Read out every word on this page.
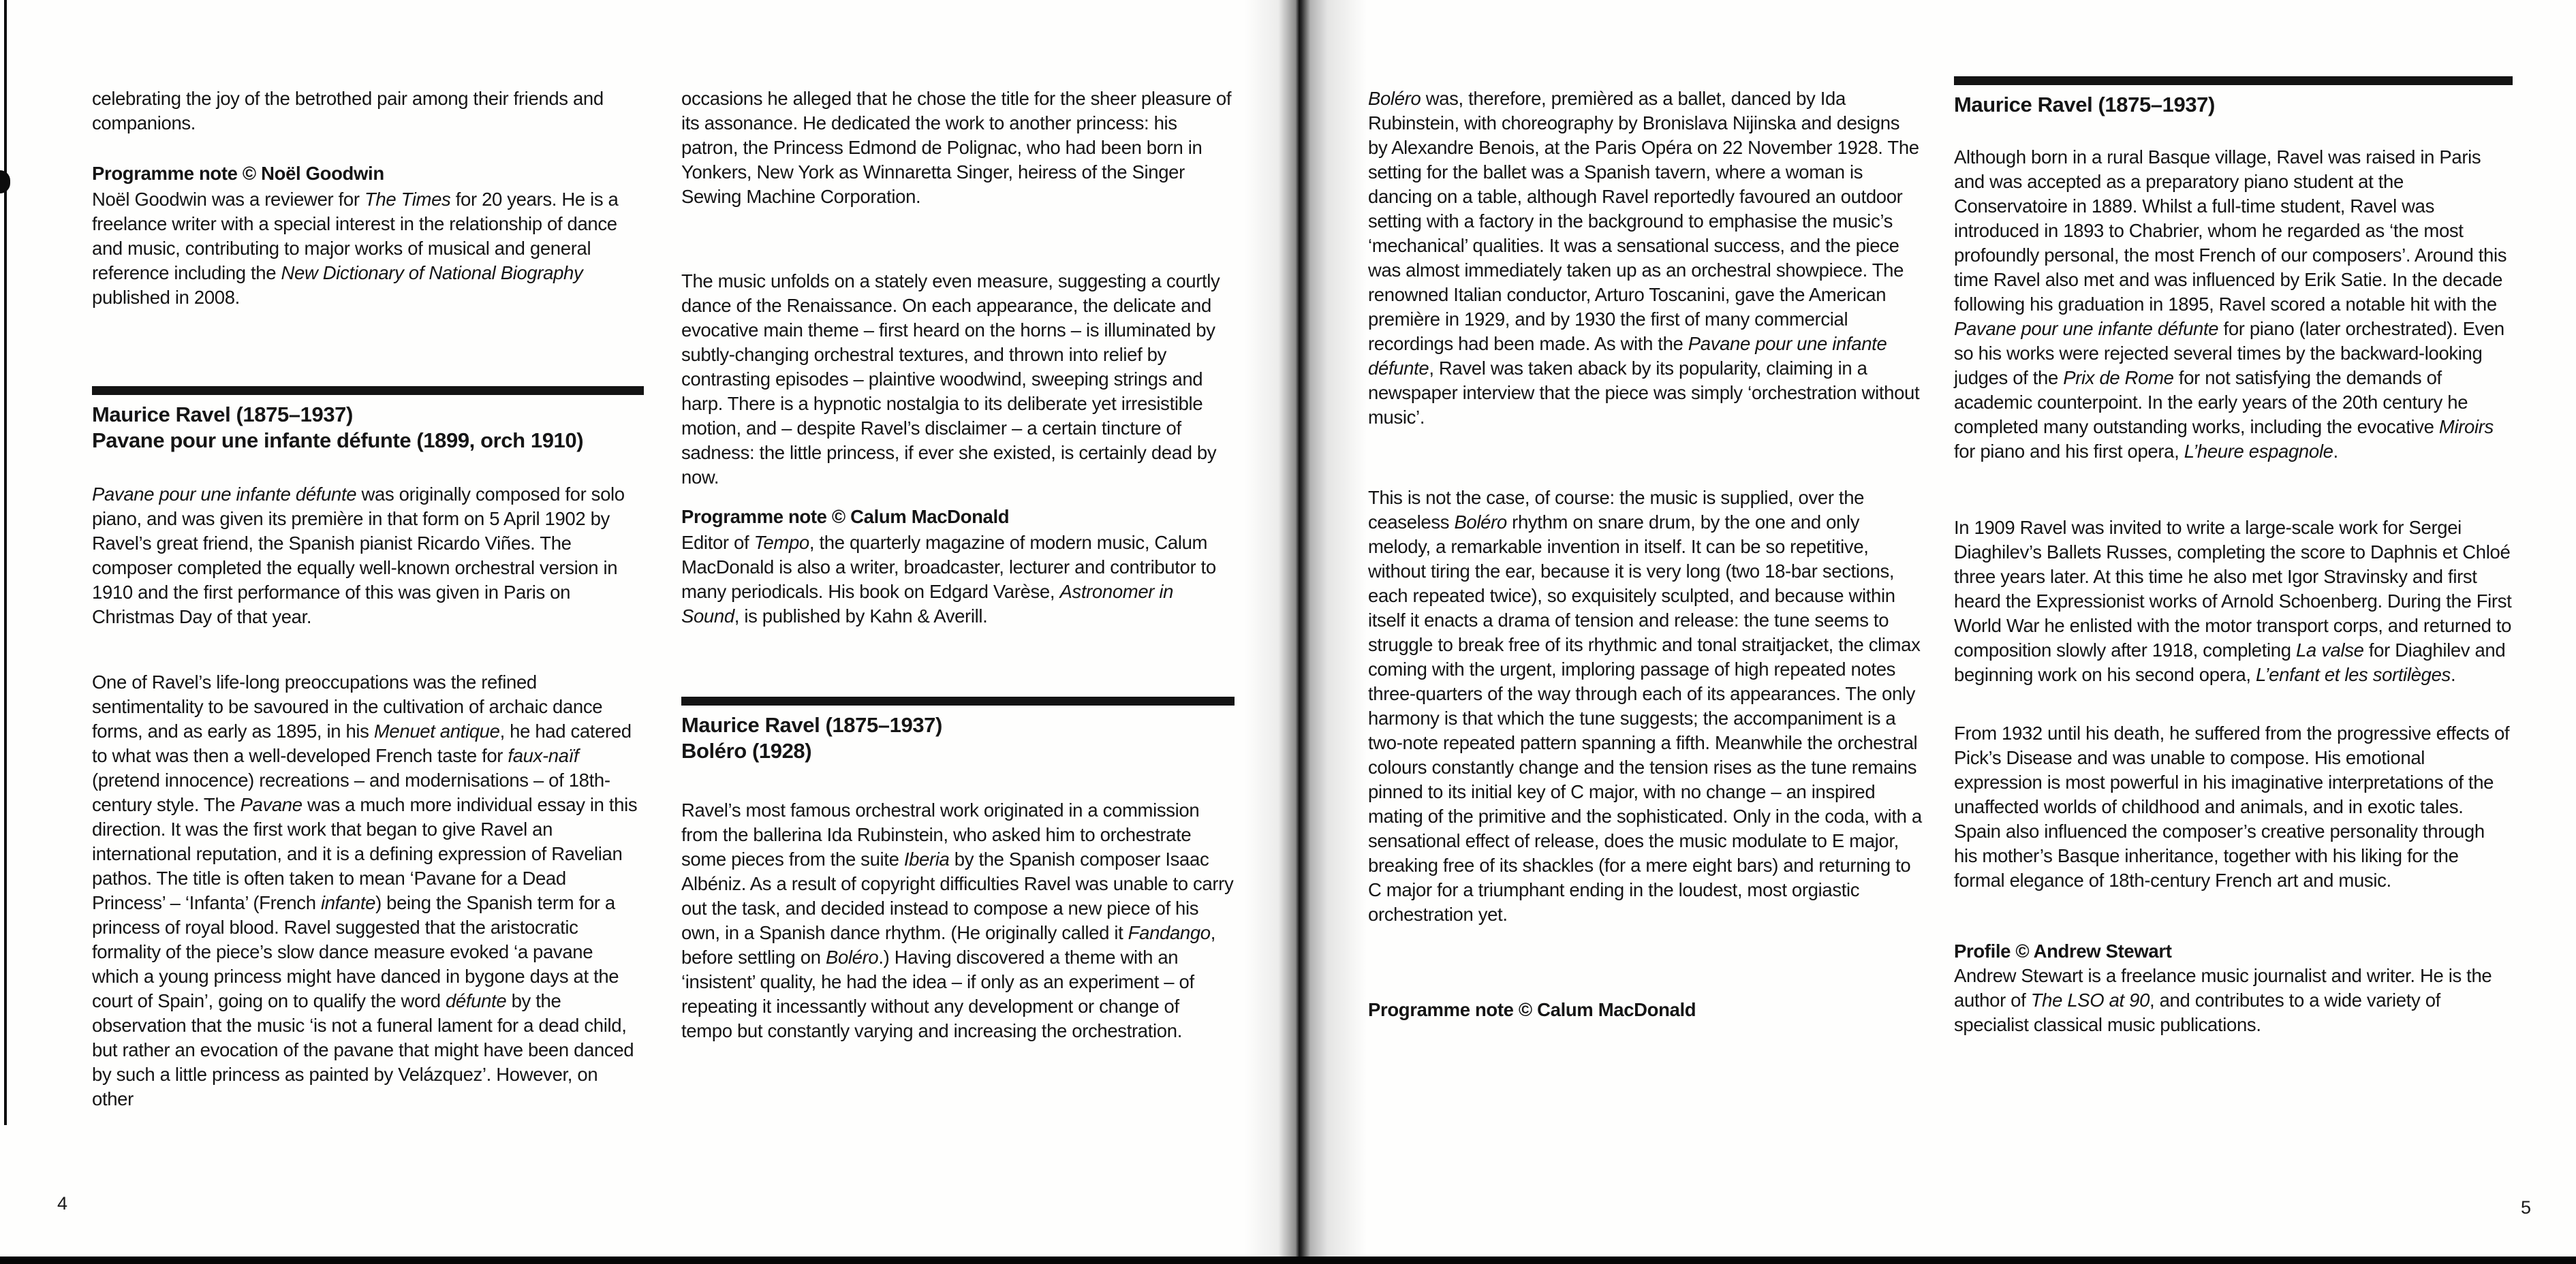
celebrating the joy of the betrothed pair among their friends and companions.

Programme note © Noël Goodwin

Noël Goodwin was a reviewer for The Times for 20 years. He is a freelance writer with a special interest in the relationship of dance and music, contributing to major works of musical and general reference including the New Dictionary of National Biography published in 2008.

Maurice Ravel (1875–1937)
Pavane pour une infante défunte (1899, orch 1910)

Pavane pour une infante défunte was originally composed for solo piano, and was given its première in that form on 5 April 1902 by Ravel’s great friend, the Spanish pianist Ricardo Viñes. The composer completed the equally well-known orchestral version in 1910 and the first performance of this was given in Paris on Christmas Day of that year.

One of Ravel’s life-long preoccupations was the refined sentimentality to be savoured in the cultivation of archaic dance forms, and as early as 1895, in his Menuet antique, he had catered to what was then a well-developed French taste for faux-naïf (pretend innocence) recreations – and modernisations – of 18th-century style. The Pavane was a much more individual essay in this direction. It was the first work that began to give Ravel an international reputation, and it is a defining expression of Ravelian pathos. The title is often taken to mean ‘Pavane for a Dead Princess’ – ‘Infanta’ (French infante) being the Spanish term for a princess of royal blood. Ravel suggested that the aristocratic formality of the piece’s slow dance measure evoked ‘a pavane which a young princess might have danced in bygone days at the court of Spain’, going on to qualify the word défunte by the observation that the music ‘is not a funeral lament for a dead child, but rather an evocation of the pavane that might have been danced by such a little princess as painted by Velázquez’. However, on other

occasions he alleged that he chose the title for the sheer pleasure of its assonance. He dedicated the work to another princess: his patron, the Princess Edmond de Polignac, who had been born in Yonkers, New York as Winnaretta Singer, heiress of the Singer Sewing Machine Corporation.

The music unfolds on a stately even measure, suggesting a courtly dance of the Renaissance. On each appearance, the delicate and evocative main theme – first heard on the horns – is illuminated by subtly-changing orchestral textures, and thrown into relief by contrasting episodes – plaintive woodwind, sweeping strings and harp. There is a hypnotic nostalgia to its deliberate yet irresistible motion, and – despite Ravel’s disclaimer – a certain tincture of sadness: the little princess, if ever she existed, is certainly dead by now.

Programme note © Calum MacDonald

Editor of Tempo, the quarterly magazine of modern music, Calum MacDonald is also a writer, broadcaster, lecturer and contributor to many periodicals. His book on Edgard Varèse, Astronomer in Sound, is published by Kahn & Averill.

Maurice Ravel (1875–1937)
Boléro (1928)

Ravel’s most famous orchestral work originated in a commission from the ballerina Ida Rubinstein, who asked him to orchestrate some pieces from the suite Iberia by the Spanish composer Isaac Albéniz. As a result of copyright difficulties Ravel was unable to carry out the task, and decided instead to compose a new piece of his own, in a Spanish dance rhythm. (He originally called it Fandango, before settling on Boléro.) Having discovered a theme with an ‘insistent’ quality, he had the idea – if only as an experiment – of repeating it incessantly without any development or change of tempo but constantly varying and increasing the orchestration.

Boléro was, therefore, premièred as a ballet, danced by Ida Rubinstein, with choreography by Bronislava Nijinska and designs by Alexandre Benois, at the Paris Opéra on 22 November 1928. The setting for the ballet was a Spanish tavern, where a woman is dancing on a table, although Ravel reportedly favoured an outdoor setting with a factory in the background to emphasise the music’s ‘mechanical’ qualities. It was a sensational success, and the piece was almost immediately taken up as an orchestral showpiece. The renowned Italian conductor, Arturo Toscanini, gave the American première in 1929, and by 1930 the first of many commercial recordings had been made. As with the Pavane pour une infante défunte, Ravel was taken aback by its popularity, claiming in a newspaper interview that the piece was simply ‘orchestration without music’.

This is not the case, of course: the music is supplied, over the ceaseless Boléro rhythm on snare drum, by the one and only melody, a remarkable invention in itself. It can be so repetitive, without tiring the ear, because it is very long (two 18-bar sections, each repeated twice), so exquisitely sculpted, and because within itself it enacts a drama of tension and release: the tune seems to struggle to break free of its rhythmic and tonal straitjacket, the climax coming with the urgent, imploring passage of high repeated notes three-quarters of the way through each of its appearances. The only harmony is that which the tune suggests; the accompaniment is a two-note repeated pattern spanning a fifth. Meanwhile the orchestral colours constantly change and the tension rises as the tune remains pinned to its initial key of C major, with no change – an inspired mating of the primitive and the sophisticated. Only in the coda, with a sensational effect of release, does the music modulate to E major, breaking free of its shackles (for a mere eight bars) and returning to C major for a triumphant ending in the loudest, most orgiastic orchestration yet.

Programme note © Calum MacDonald
Maurice Ravel (1875–1937)

Although born in a rural Basque village, Ravel was raised in Paris and was accepted as a preparatory piano student at the Conservatoire in 1889. Whilst a full-time student, Ravel was introduced in 1893 to Chabrier, whom he regarded as ‘the most profoundly personal, the most French of our composers’. Around this time Ravel also met and was influenced by Erik Satie. In the decade following his graduation in 1895, Ravel scored a notable hit with the Pavane pour une infante défunte for piano (later orchestrated). Even so his works were rejected several times by the backward-looking judges of the Prix de Rome for not satisfying the demands of academic counterpoint. In the early years of the 20th century he completed many outstanding works, including the evocative Miroirs for piano and his first opera, L’heure espagnole.

In 1909 Ravel was invited to write a large-scale work for Sergei Diaghilev’s Ballets Russes, completing the score to Daphnis et Chloé three years later. At this time he also met Igor Stravinsky and first heard the Expressionist works of Arnold Schoenberg. During the First World War he enlisted with the motor transport corps, and returned to composition slowly after 1918, completing La valse for Diaghilev and beginning work on his second opera, L’enfant et les sortilèges.

From 1932 until his death, he suffered from the progressive effects of Pick’s Disease and was unable to compose. His emotional expression is most powerful in his imaginative interpretations of the unaffected worlds of childhood and animals, and in exotic tales. Spain also influenced the composer’s creative personality through his mother’s Basque inheritance, together with his liking for the formal elegance of 18th-century French art and music.

Profile © Andrew Stewart

Andrew Stewart is a freelance music journalist and writer. He is the author of The LSO at 90, and contributes to a wide variety of specialist classical music publications.

4	5
